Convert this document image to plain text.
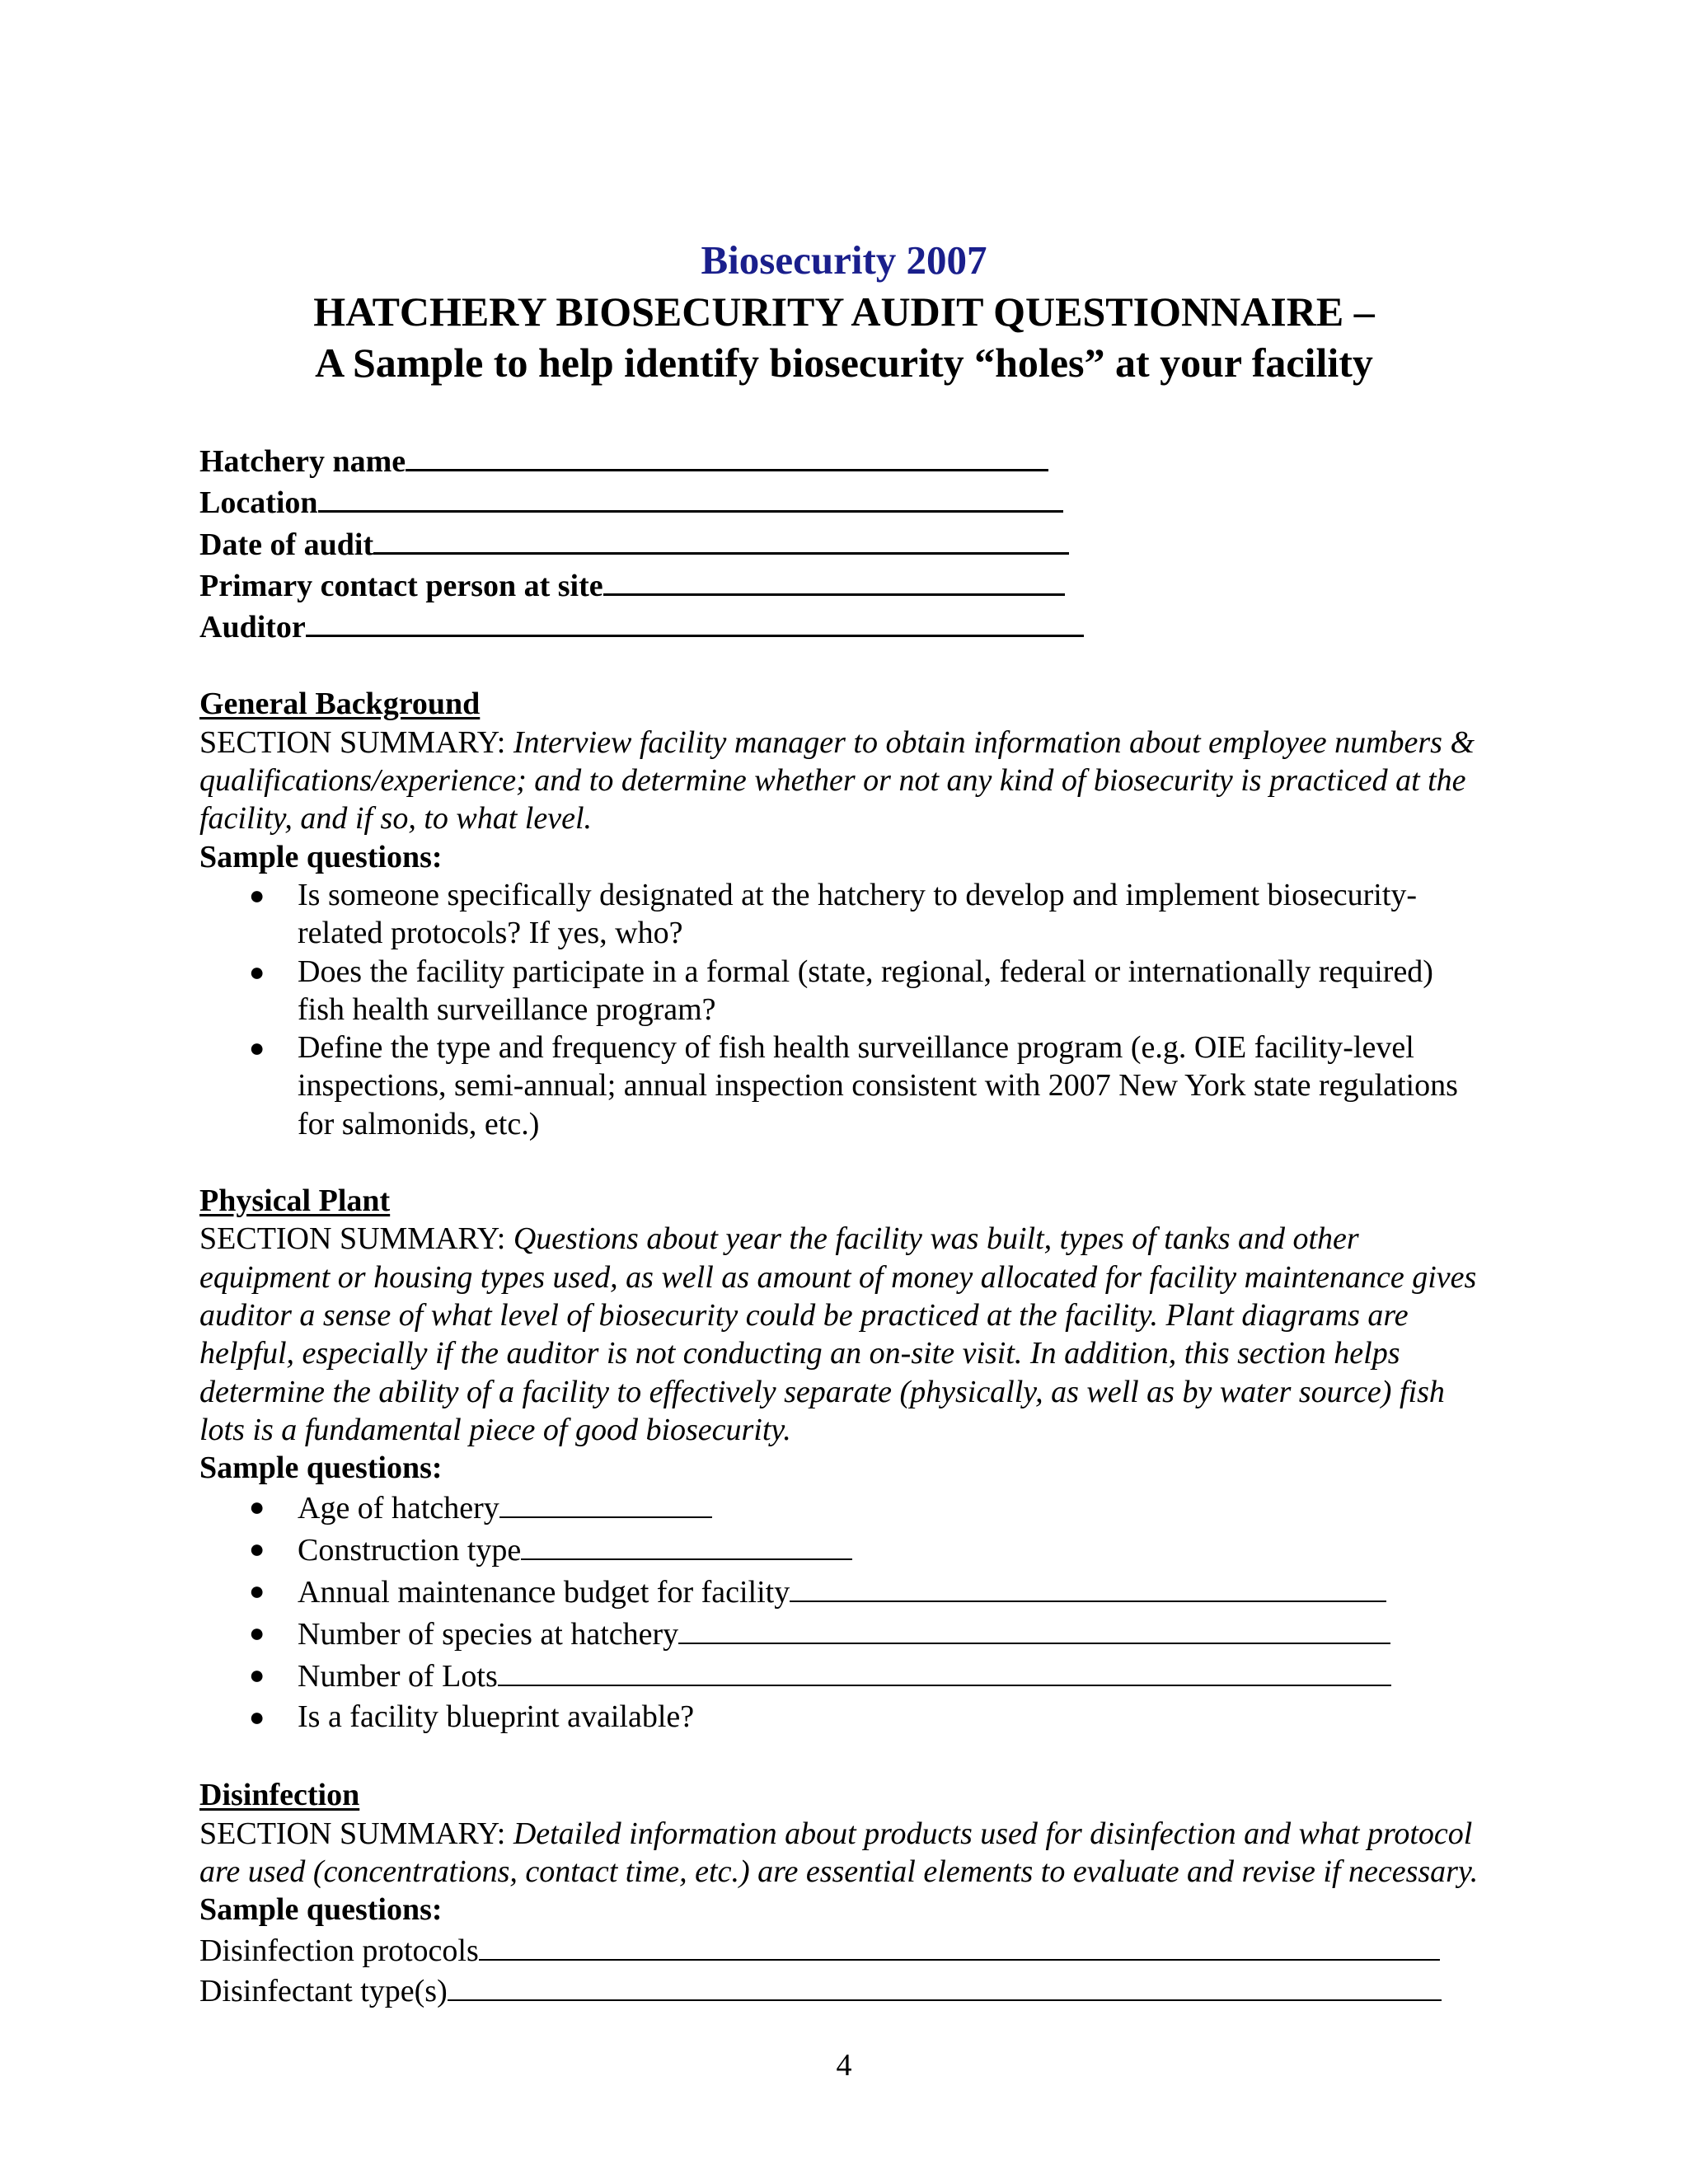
Biosecurity 2007
HATCHERY BIOSECURITY AUDIT QUESTIONNAIRE –
A Sample to help identify biosecurity “holes” at your facility
Hatchery name
Location
Date of audit
Primary contact person at site
Auditor
General Background
SECTION SUMMARY: Interview facility manager to obtain information about employee numbers & qualifications/experience; and to determine whether or not any kind of biosecurity is practiced at the facility, and if so, to what level.
Sample questions:
● Is someone specifically designated at the hatchery to develop and implement biosecurity-related protocols? If yes, who?
● Does the facility participate in a formal (state, regional, federal or internationally required) fish health surveillance program?
● Define the type and frequency of fish health surveillance program (e.g. OIE facility-level inspections, semi-annual; annual inspection consistent with 2007 New York state regulations for salmonids, etc.)
Physical Plant
SECTION SUMMARY: Questions about year the facility was built, types of tanks and other equipment or housing types used, as well as amount of money allocated for facility maintenance gives auditor a sense of what level of biosecurity could be practiced at the facility. Plant diagrams are helpful, especially if the auditor is not conducting an on-site visit. In addition, this section helps determine the ability of a facility to effectively separate (physically, as well as by water source) fish lots is a fundamental piece of good biosecurity.
Sample questions:
● Age of hatchery
● Construction type
● Annual maintenance budget for facility
● Number of species at hatchery
● Number of Lots
● Is a facility blueprint available?
Disinfection
SECTION SUMMARY: Detailed information about products used for disinfection and what protocol are used (concentrations, contact time, etc.) are essential elements to evaluate and revise if necessary.
Sample questions:
Disinfection protocols
Disinfectant type(s)
4
